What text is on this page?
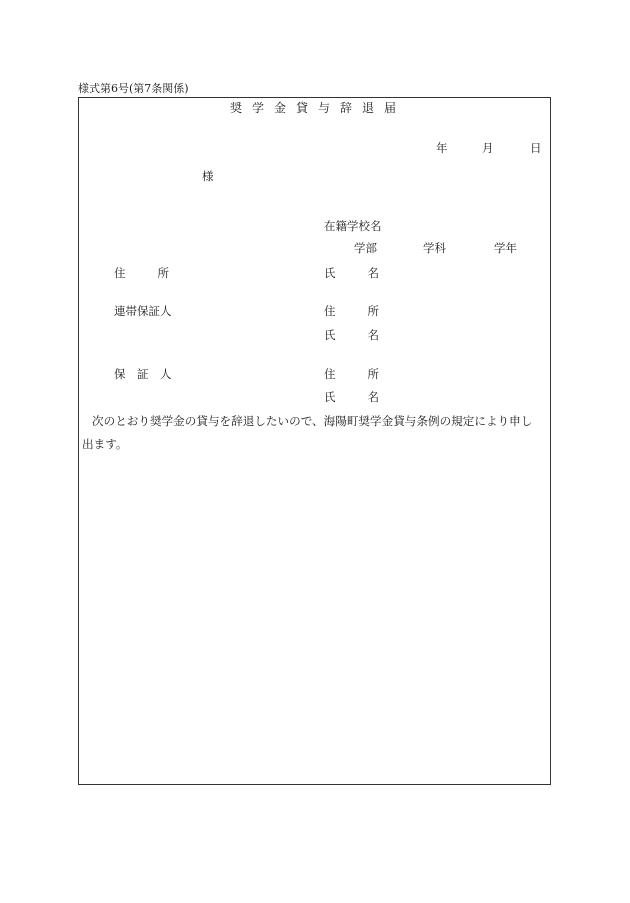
様式第6号(第7条関係)
奨学金貸与辞退届
年	月	日
様
在籍学校名
学部	学科	学年
住　　所	氏　　名
連帯保証人	住　　所
氏　　名
保　証　人	住　　所
氏　　名
次のとおり奨学金の貸与を辞退したいので、海陽町奨学金貸与条例の規定により申し
出ます。
